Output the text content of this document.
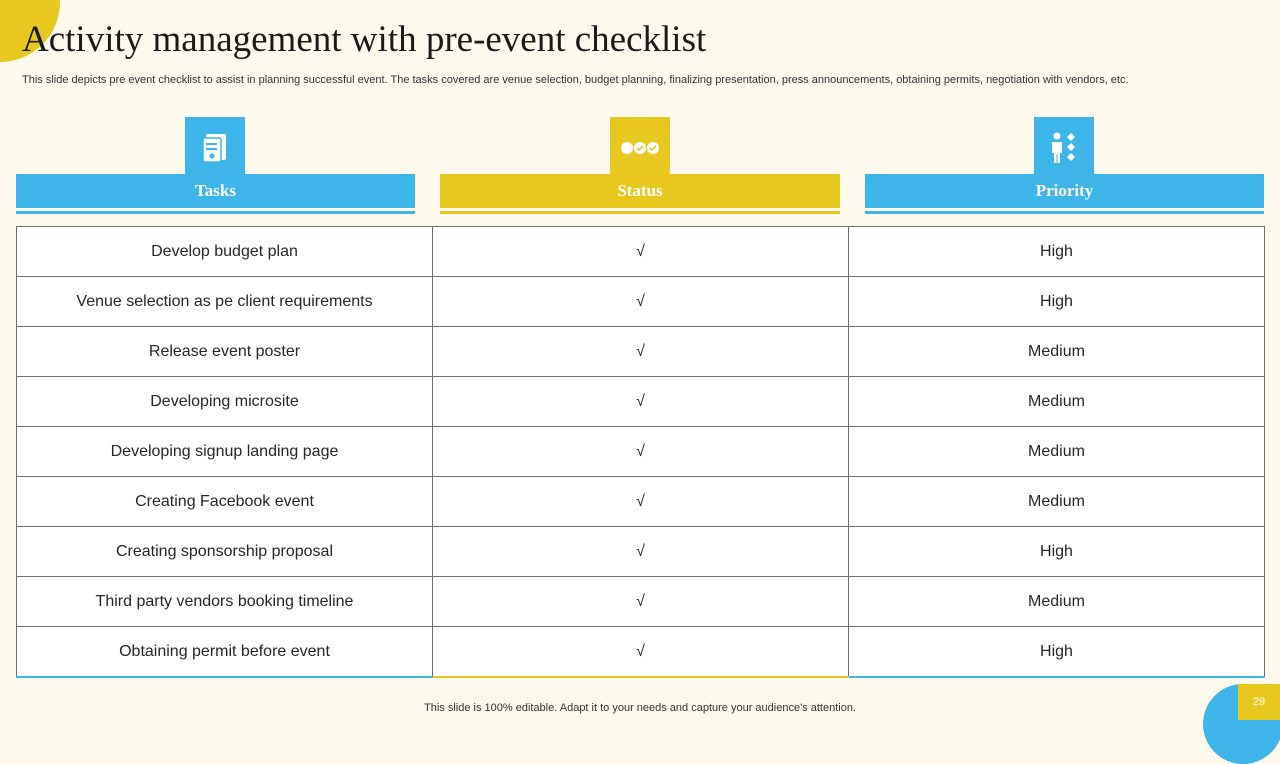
Activity management with pre-event checklist
This slide depicts pre event checklist to assist in planning successful event. The tasks covered are venue selection, budget planning, finalizing presentation, press announcements, obtaining permits, negotiation with vendors, etc.
Tasks	Status	Priority
Develop budget plan	√	High
Venue selection as pe client requirements	√	High
Release event poster	√	Medium
Developing microsite	√	Medium
Developing signup landing page	√	Medium
Creating Facebook event	√	Medium
Creating sponsorship proposal	√	High
Third party vendors booking timeline	√	Medium
Obtaining permit before event	√	High
This slide is 100% editable. Adapt it to your needs and capture your audience's attention.	29
